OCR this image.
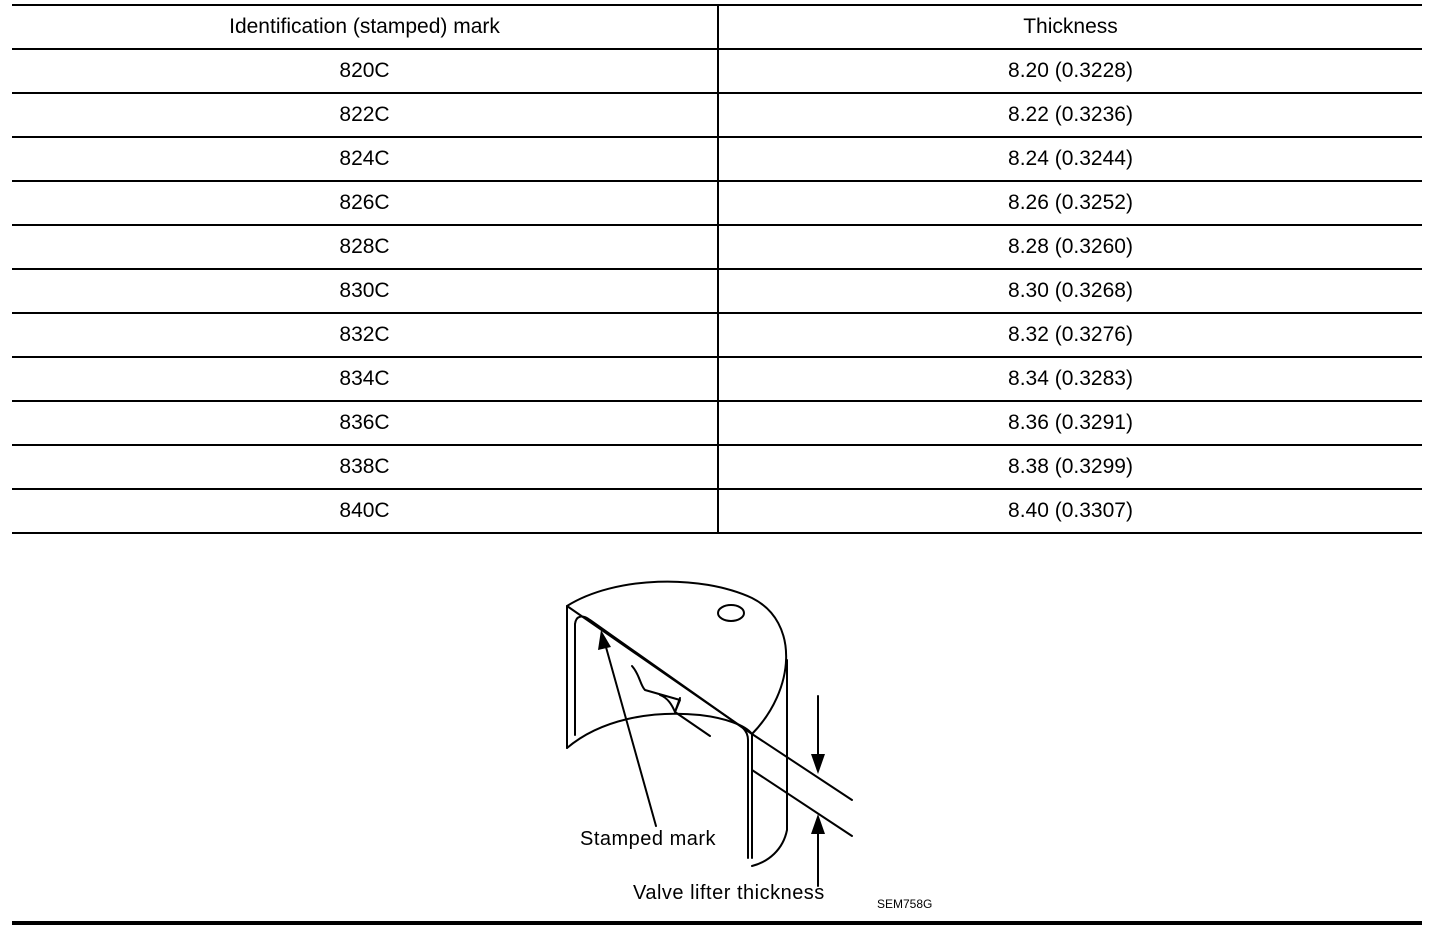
Identification (stamped) mark	Thickness
820C	8.20 (0.3228)
822C	8.22 (0.3236)
824C	8.24 (0.3244)
826C	8.26 (0.3252)
828C	8.28 (0.3260)
830C	8.30 (0.3268)
832C	8.32 (0.3276)
834C	8.34 (0.3283)
836C	8.36 (0.3291)
838C	8.38 (0.3299)
840C	8.40 (0.3307)
Stamped mark
Valve lifter thickness	SEM758G
